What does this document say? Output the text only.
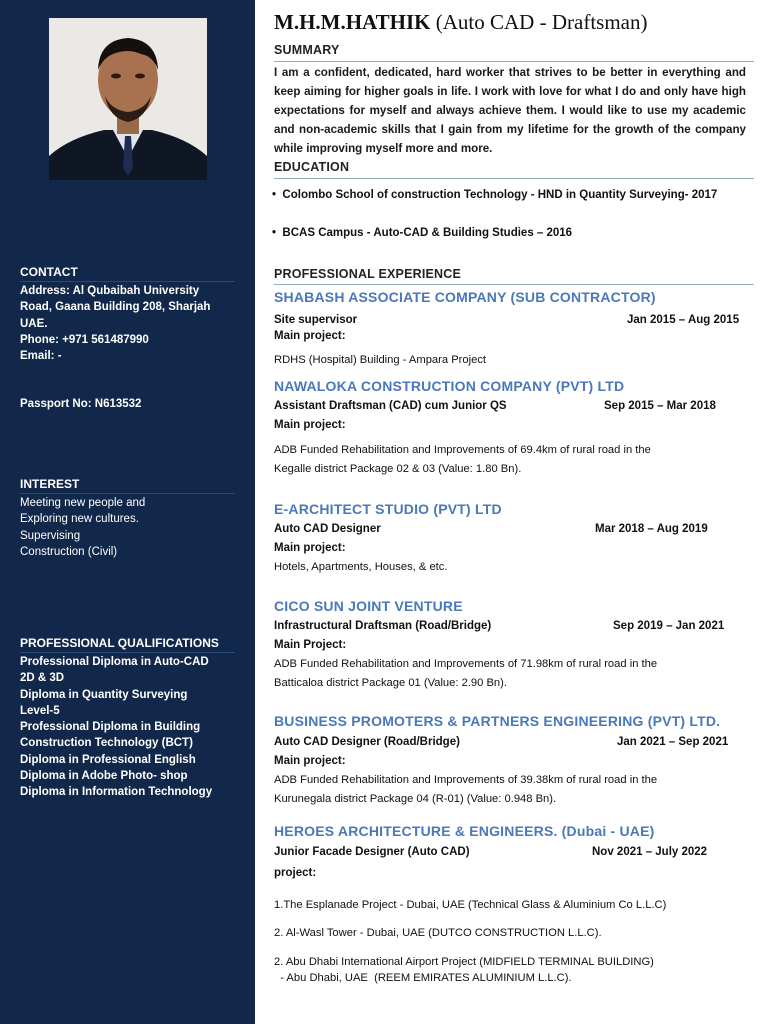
CONTACT
Address: Al Qubaibah University
Road, Gaana Building 208, Sharjah
UAE.
Phone: +971 561487990
Email: -
Passport No: N613532
INTEREST
Meeting new people and
Exploring new cultures.
Supervising
Construction (Civil)
PROFESSIONAL QUALIFICATIONS
Professional Diploma in Auto-CAD
2D & 3D
Diploma in Quantity Surveying
Level-5
Professional Diploma in Building
Construction Technology (BCT)
Diploma in Professional English
Diploma in Adobe Photo- shop
Diploma in Information Technology
M.H.M.HATHIK (Auto CAD - Draftsman)
SUMMARY
I am a confident, dedicated, hard worker that strives to be better in everything and keep aiming for higher goals in life. I work with love for what I do and only have high expectations for myself and always achieve them. I would like to use my academic and non-academic skills that I gain from my lifetime for the growth of the company while improving myself more and more.
EDUCATION
•  Colombo School of construction Technology - HND in Quantity Surveying- 2017
•  BCAS Campus - Auto-CAD & Building Studies – 2016
PROFESSIONAL EXPERIENCE
SHABASH ASSOCIATE COMPANY (SUB CONTRACTOR)
Site supervisor	Jan 2015 – Aug 2015
Main project:
RDHS (Hospital) Building - Ampara Project
NAWALOKA CONSTRUCTION COMPANY (PVT) LTD
Assistant Draftsman (CAD) cum Junior QS	Sep 2015 – Mar 2018
Main project:
ADB Funded Rehabilitation and Improvements of 69.4km of rural road in the
Kegalle district Package 02 & 03 (Value: 1.80 Bn).
E-ARCHITECT STUDIO (PVT) LTD
Auto CAD Designer	Mar 2018 – Aug 2019
Main project:
Hotels, Apartments, Houses, & etc.
CICO SUN JOINT VENTURE
Infrastructural Draftsman (Road/Bridge)	Sep 2019 – Jan 2021
Main Project:
ADB Funded Rehabilitation and Improvements of 71.98km of rural road in the
Batticaloa district Package 01 (Value: 2.90 Bn).
BUSINESS PROMOTERS & PARTNERS ENGINEERING (PVT) LTD.
Auto CAD Designer (Road/Bridge)	Jan 2021 – Sep 2021
Main project:
ADB Funded Rehabilitation and Improvements of 39.38km of rural road in the
Kurunegala district Package 04 (R-01) (Value: 0.948 Bn).
HEROES ARCHITECTURE & ENGINEERS. (Dubai - UAE)
Junior Facade Designer (Auto CAD)	Nov 2021 – July 2022
project:
1.The Esplanade Project - Dubai, UAE (Technical Glass & Aluminium Co L.L.C)
2. Al-Wasl Tower - Dubai, UAE (DUTCO CONSTRUCTION L.L.C).
2. Abu Dhabi International Airport Project (MIDFIELD TERMINAL BUILDING)
- Abu Dhabi, UAE  (REEM EMIRATES ALUMINIUM L.L.C).
